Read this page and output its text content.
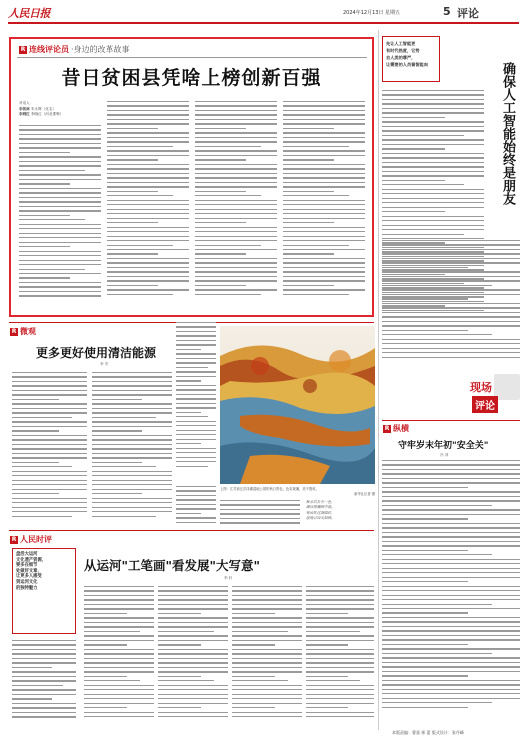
人民日报	2024年12月13日 星期五	5 评论
R 连线评论员 ·身边的改革故事
昔日贫困县凭啥上榜创新百强
对话人：
李凯林 朱永辉（化名）
李晓红 李晓红（河北邯郸）
先让人工智能更
有时代热度，它势
自人类的尊严，
让需要的人员看智能向	确保人工智能始终是朋友
现场
评论
R 微观
更多更好使用清洁能源
李 安
上图：江苏宿迁洪泽湖湿地公园的秋日景色，色彩斑斓，美不胜收。
新华社记者 摄
秋水共长天一色，
满目斑斓画中游。
寒风吹过湖面时，
湿地公园美如画。
R 纵横
守牢岁末年初"安全关"
冯 刘
R 人民时评
盘活大运河
文化遗产资源，
要多在细节
处做好文章，
让更多人感受
到运河文化
的独特魅力
从运河"工笔画"看发展"大写意"
李 轩
本版责编：曹嘉 邢 蕾 版式设计：张丹峰
